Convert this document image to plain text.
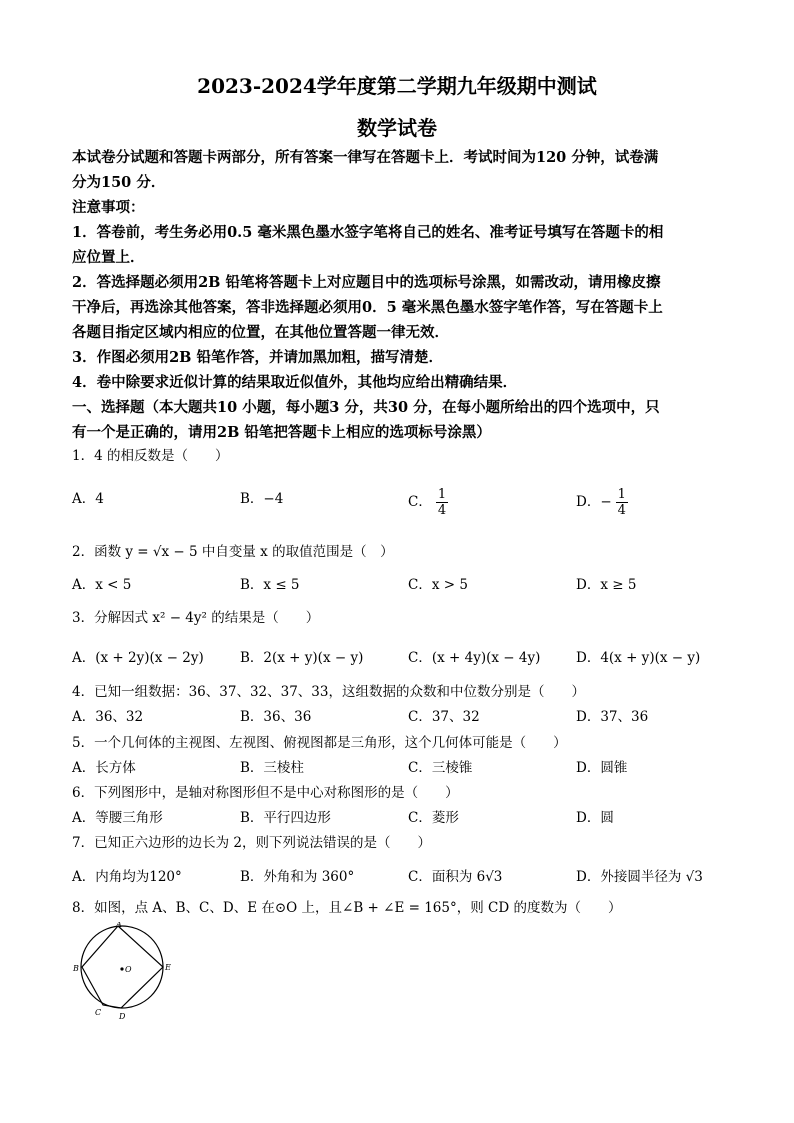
2023-2024学年度第二学期九年级期中测试
数学试卷
本试卷分试题和答题卡两部分，所有答案一律写在答题卡上．考试时间为120 分钟，试卷满
分为150 分．
注意事项：
1．答卷前，考生务必用0.5 毫米黑色墨水签字笔将自己的姓名、准考证号填写在答题卡的相
应位置上．
2．答选择题必须用2B 铅笔将答题卡上对应题目中的选项标号涂黑，如需改动，请用橡皮擦
干净后，再选涂其他答案，答非选择题必须用0．5 毫米黑色墨水签字笔作答，写在答题卡上
各题目指定区域内相应的位置，在其他位置答题一律无效．
3．作图必须用2B 铅笔作答，并请加黑加粗，描写清楚．
4．卷中除要求近似计算的结果取近似值外，其他均应给出精确结果．
一、选择题（本大题共10 小题，每小题3 分，共30 分，在每小题所给出的四个选项中，只
有一个是正确的，请用2B 铅笔把答题卡上相应的选项标号涂黑）
1．4 的相反数是（　　）
A．4	B．−4	C． $\frac{1}{4}$	D．− $\frac{1}{4}$
2．函数 y = √x − 5 中自变量 x 的取值范围是（　）
A．x < 5	B．x ≤ 5	C．x > 5	D．x ≥ 5
3．分解因式 x² − 4y² 的结果是（　　）
A．(x + 2y)(x − 2y)	B．2(x + y)(x − y)	C．(x + 4y)(x − 4y)	D．4(x + y)(x − y)
4．已知一组数据：36、37、32、37、33，这组数据的众数和中位数分别是（　　）
A．36、32	B．36、36	C．37、32	D．37、36
5．一个几何体的主视图、左视图、俯视图都是三角形，这个几何体可能是（　　）
A．长方体	B．三棱柱	C．三棱锥	D．圆锥
6．下列图形中，是轴对称图形但不是中心对称图形的是（　　）
A．等腰三角形	B．平行四边形	C．菱形	D．圆
7．已知正六边形的边长为 2，则下列说法错误的是（　　）
A．内角均为120°	B．外角和为 360°	C．面积为 6√3	D．外接圆半径为 √3
8．如图，点 A、B、C、D、E 在⊙O 上，且∠B + ∠E = 165°，则 CD 的度数为（　　）
A
B
C D
E
O
